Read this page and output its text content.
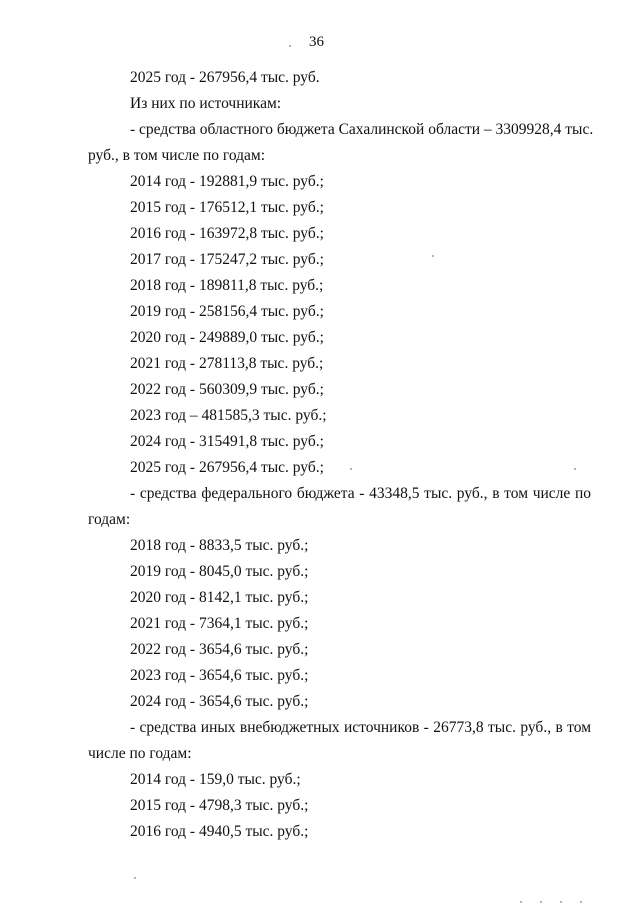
36
2025 год - 267956,4 тыс. руб.
Из них по источникам:
- средства областного бюджета Сахалинской области – 3309928,4 тыс.
руб., в том числе по годам:
2014 год - 192881,9 тыс. руб.;
2015 год - 176512,1 тыс. руб.;
2016 год - 163972,8 тыс. руб.;
2017 год - 175247,2 тыс. руб.;
2018 год - 189811,8 тыс. руб.;
2019 год - 258156,4 тыс. руб.;
2020 год - 249889,0 тыс. руб.;
2021 год - 278113,8 тыс. руб.;
2022 год - 560309,9 тыс. руб.;
2023 год – 481585,3 тыс. руб.;
2024 год - 315491,8 тыс. руб.;
2025 год - 267956,4 тыс. руб.;
- средства федерального бюджета - 43348,5 тыс. руб., в том числе по
годам:
2018 год - 8833,5 тыс. руб.;
2019 год - 8045,0 тыс. руб.;
2020 год - 8142,1 тыс. руб.;
2021 год - 7364,1 тыс. руб.;
2022 год - 3654,6 тыс. руб.;
2023 год - 3654,6 тыс. руб.;
2024 год - 3654,6 тыс. руб.;
- средства иных внебюджетных источников - 26773,8 тыс. руб., в том
числе по годам:
2014 год - 159,0 тыс. руб.;
2015 год - 4798,3 тыс. руб.;
2016 год - 4940,5 тыс. руб.;
